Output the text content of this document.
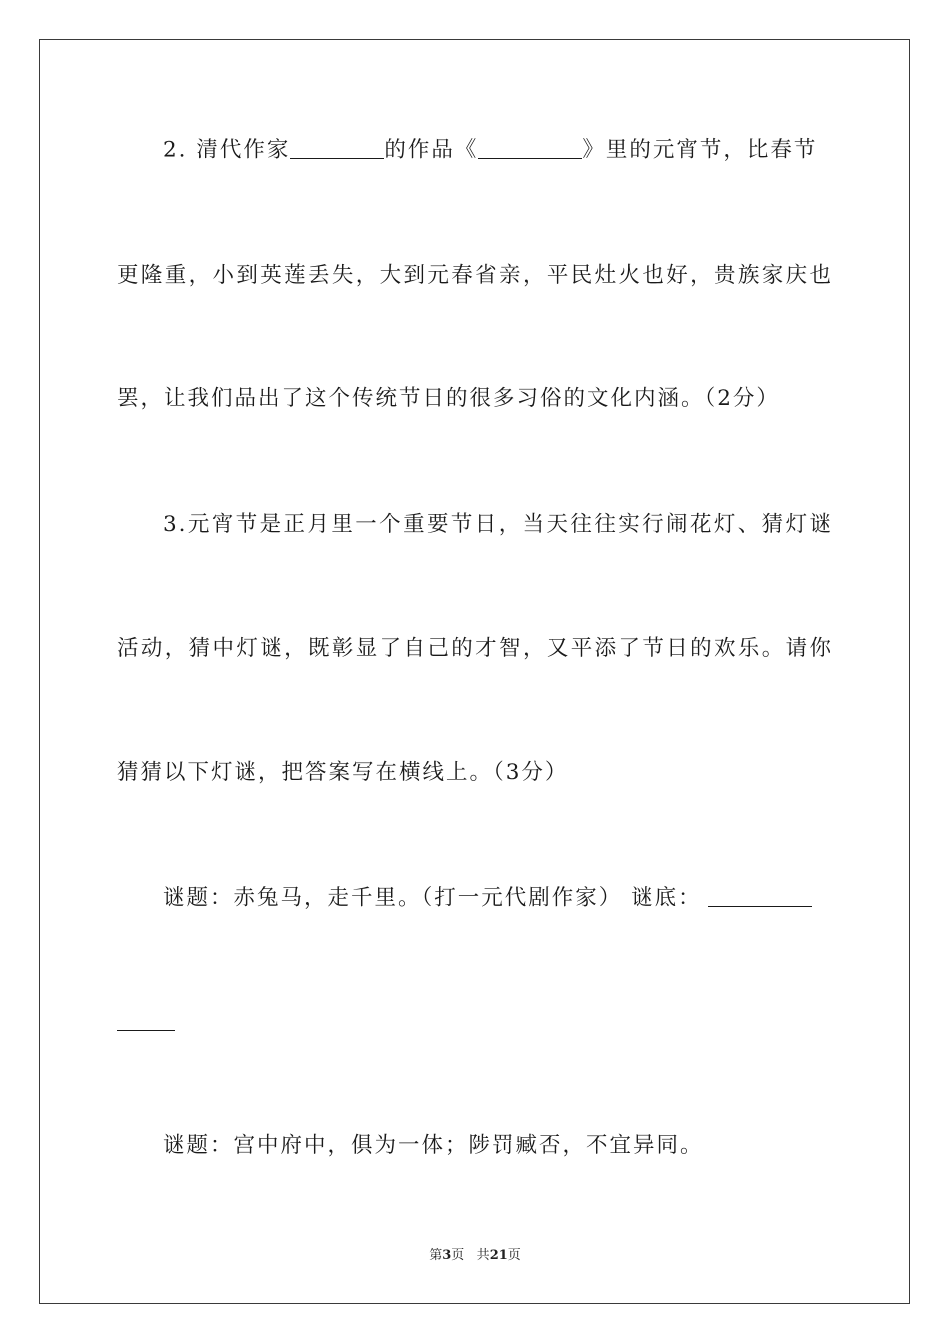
2. 清代作家	的作品《	》里的元宵节，比春节
更隆重，小到英莲丢失，大到元春省亲，平民灶火也好，贵族家庆也
罢，让我们品出了这个传统节日的很多习俗的文化内涵。（2分）
3.元宵节是正月里一个重要节日，当天往往实行闹花灯、猜灯谜
活动，猜中灯谜，既彰显了自己的才智，又平添了节日的欢乐。请你
猜猜以下灯谜，把答案写在横线上。（3分）
谜题：赤兔马，走千里。（打一元代剧作家） 谜底：
谜题：宫中府中，俱为一体；陟罚臧否，不宜异同。
第3页 共21页
